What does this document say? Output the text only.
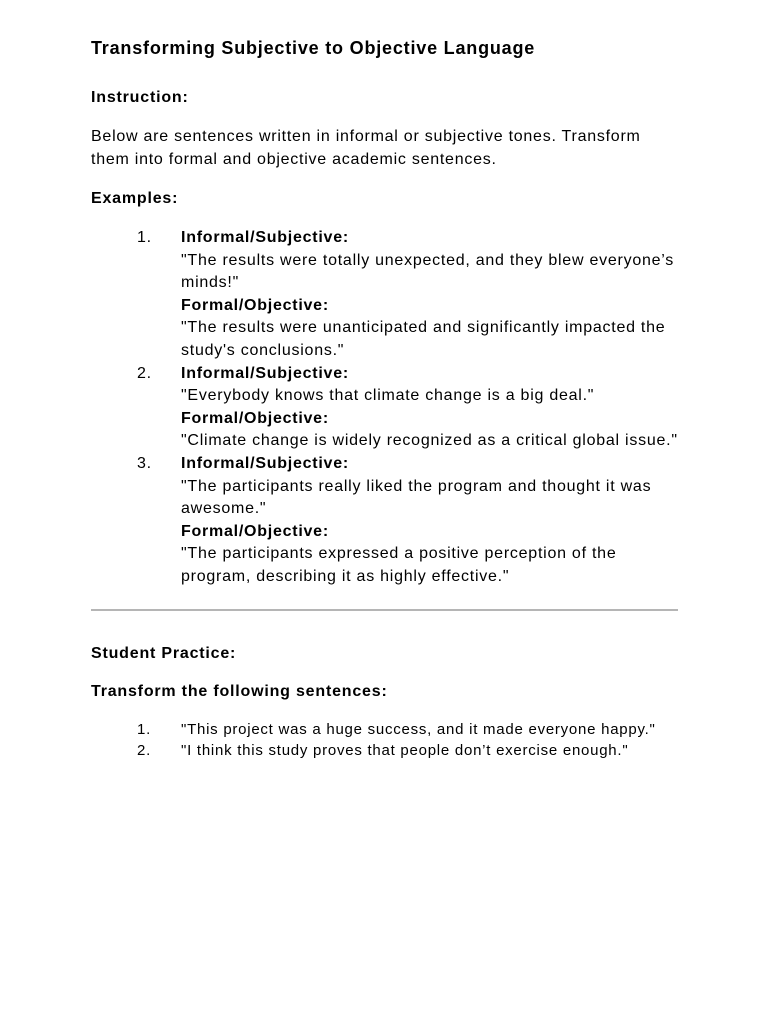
Transforming Subjective to Objective Language
Instruction:

Below are sentences written in informal or subjective tones. Transform them into formal and objective academic sentences.

Examples:
1. Informal/Subjective:
"The results were totally unexpected, and they blew everyone’s minds!"
Formal/Objective:
"The results were unanticipated and significantly impacted the study's conclusions."
2. Informal/Subjective:
"Everybody knows that climate change is a big deal."
Formal/Objective:
"Climate change is widely recognized as a critical global issue."
3. Informal/Subjective:
"The participants really liked the program and thought it was awesome."
Formal/Objective:
"The participants expressed a positive perception of the program, describing it as highly effective."
Student Practice:
Transform the following sentences:
1. "This project was a huge success, and it made everyone happy."
2. "I think this study proves that people don’t exercise enough."
